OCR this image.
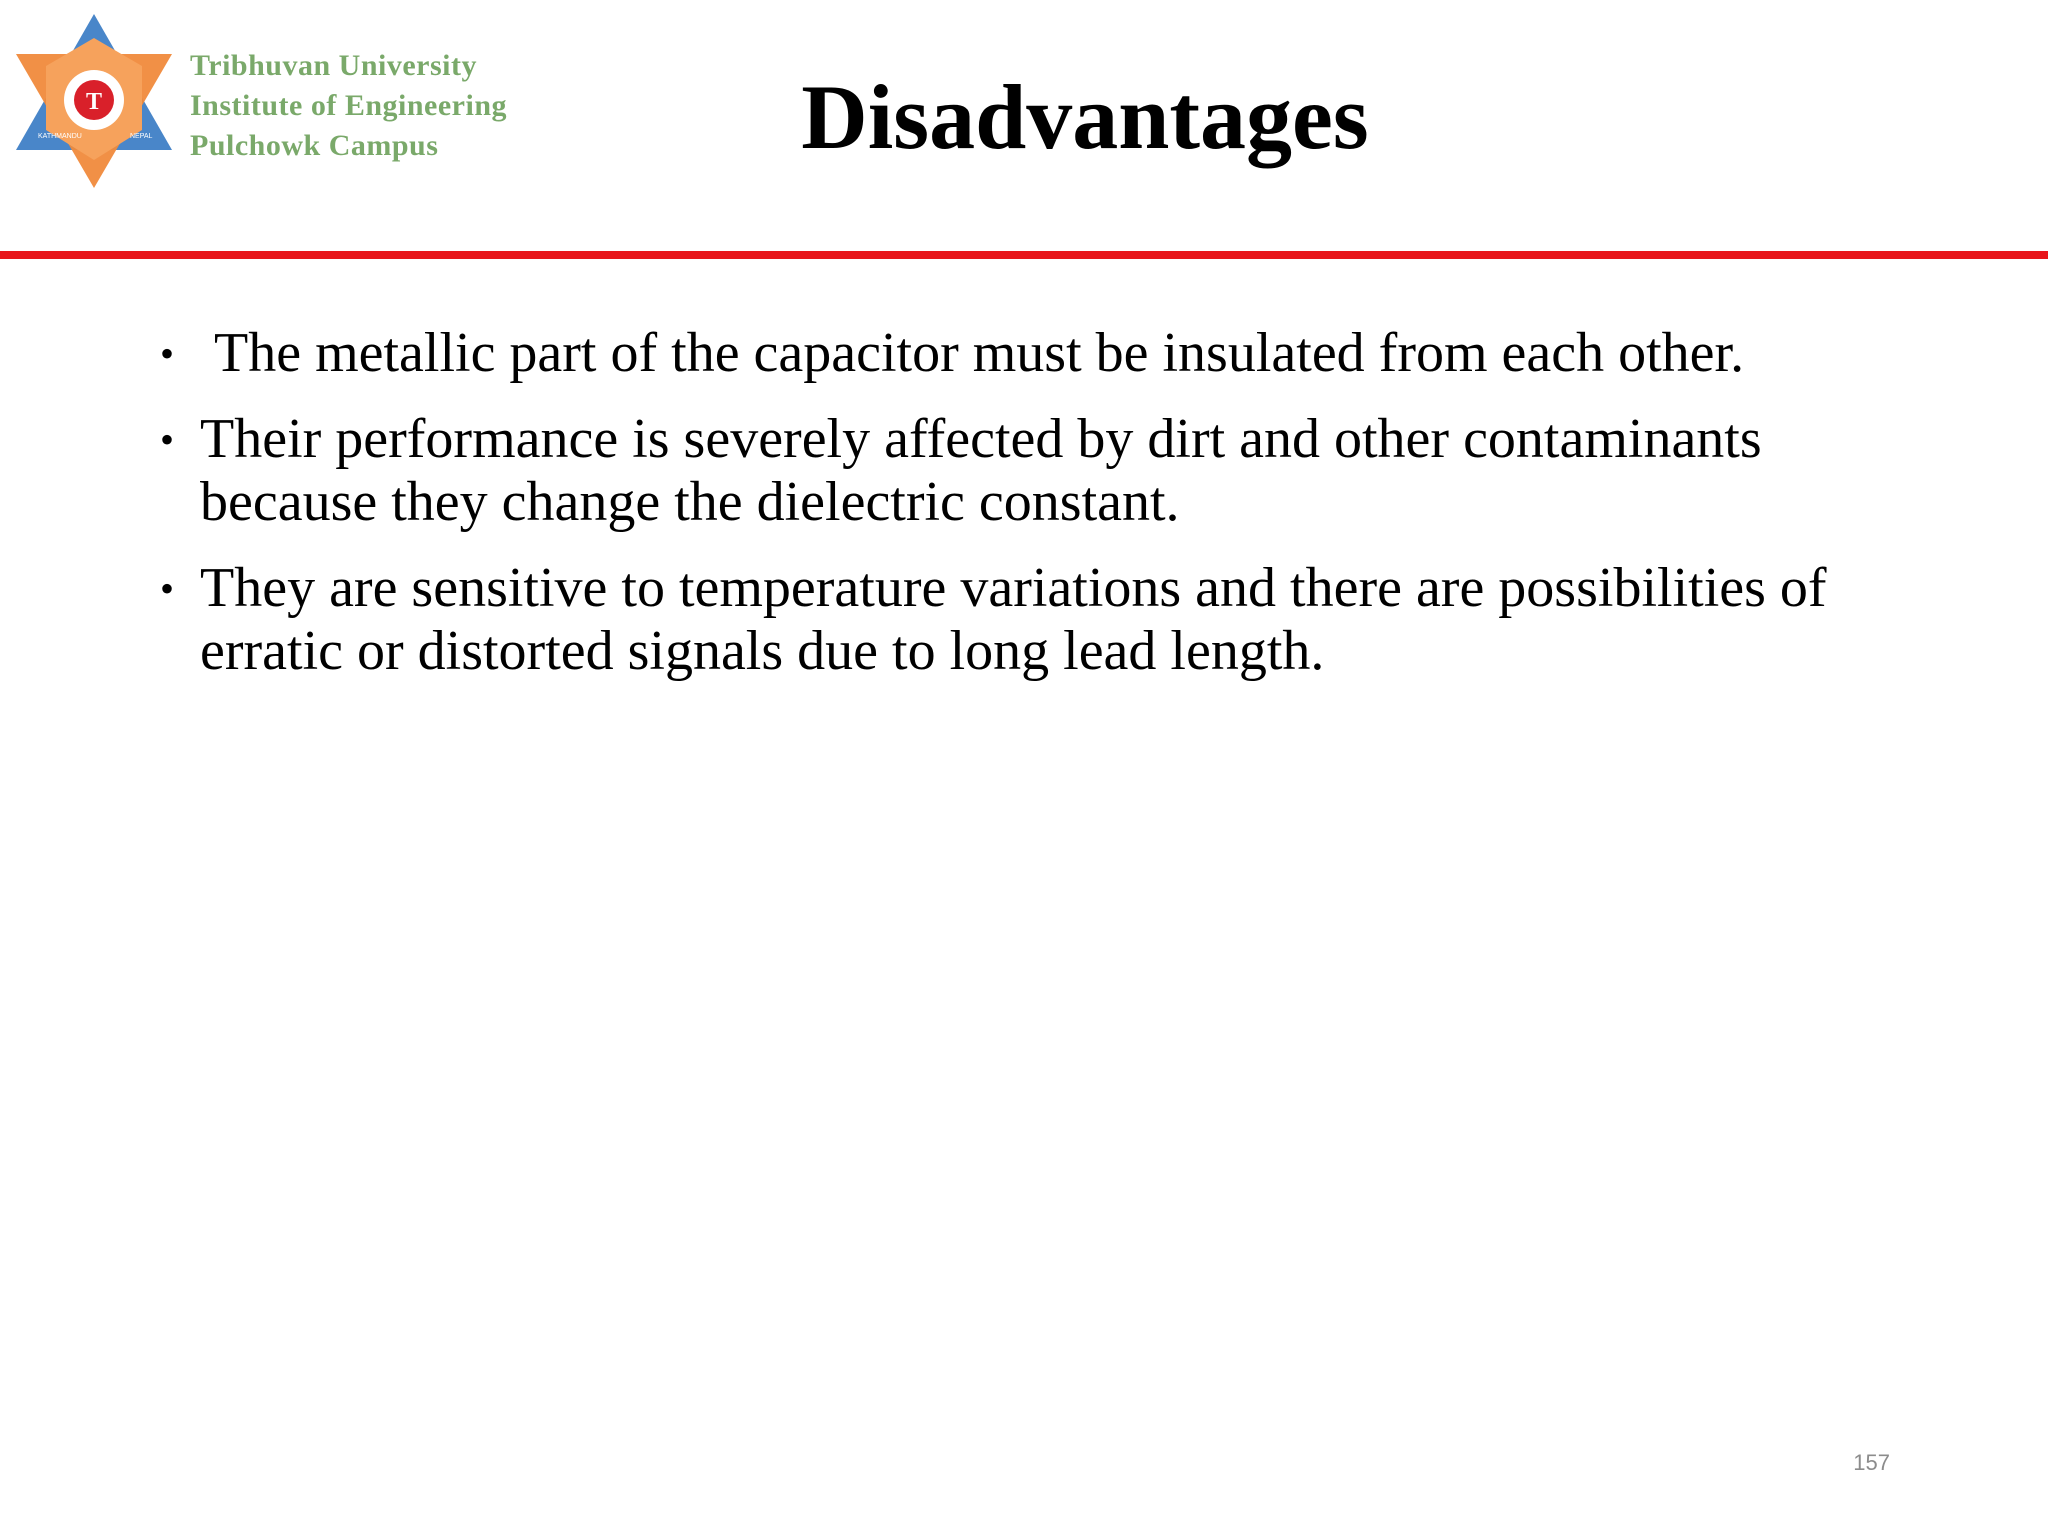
T
KATHMANDU	NEPAL
Tribhuvan University
Institute of Engineering
Pulchowk Campus	Disadvantages
• The metallic part of the capacitor must be insulated from each other.
• Their performance is severely affected by dirt and other contaminants because they change the dielectric constant.
• They are sensitive to temperature variations and there are possibilities of erratic or distorted signals due to long lead length.
157
